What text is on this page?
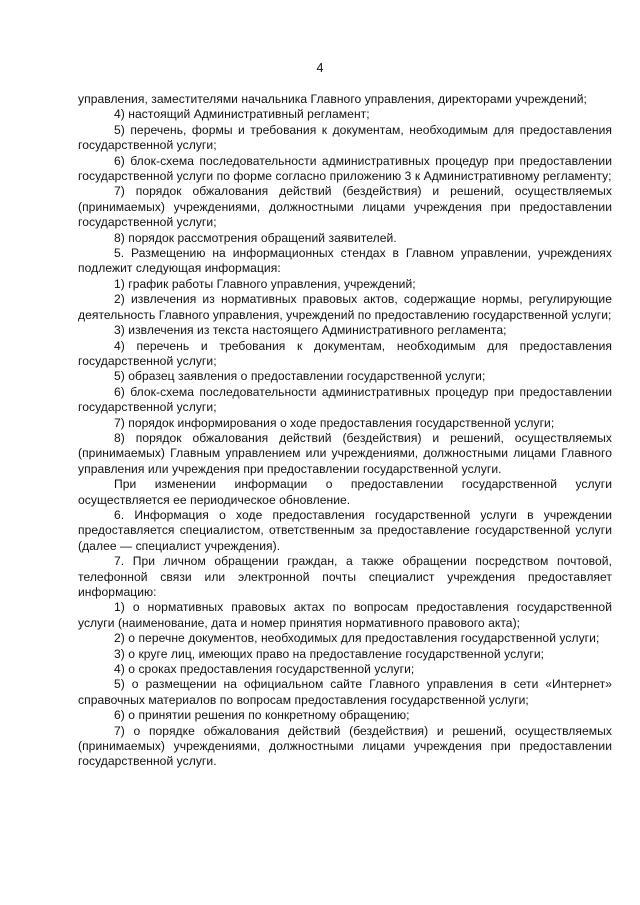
4

управления, заместителями начальника Главного управления, директорами учреждений;

4) настоящий Административный регламент;

5) перечень, формы и требования к документам, необходимым для предоставления государственной услуги;

6) блок-схема последовательности административных процедур при предоставлении государственной услуги по форме согласно приложению 3 к Административному регламенту;

7) порядок обжалования действий (бездействия) и решений, осуществляемых (принимаемых) учреждениями, должностными лицами учреждения при предоставлении государственной услуги;

8) порядок рассмотрения обращений заявителей.

5. Размещению на информационных стендах в Главном управлении, учреждениях подлежит следующая информация:

1) график работы Главного управления, учреждений;

2) извлечения из нормативных правовых актов, содержащие нормы, регулирующие деятельность Главного управления, учреждений по предоставлению государственной услуги;

3) извлечения из текста настоящего Административного регламента;

4) перечень и требования к документам, необходимым для предоставления государственной услуги;

5) образец заявления о предоставлении государственной услуги;

6) блок-схема последовательности административных процедур при предоставлении государственной услуги;

7) порядок информирования о ходе предоставления государственной услуги;

8) порядок обжалования действий (бездействия) и решений, осуществляемых (принимаемых) Главным управлением или учреждениями, должностными лицами Главного управления или учреждения при предоставлении государственной услуги.

При изменении информации о предоставлении государственной услуги осуществляется ее периодическое обновление.

6. Информация о ходе предоставления государственной услуги в учреждении предоставляется специалистом, ответственным за предоставление государственной услуги (далее — специалист учреждения).

7. При личном обращении граждан, а также обращении посредством почтовой, телефонной связи или электронной почты специалист учреждения предоставляет информацию:

1) о нормативных правовых актах по вопросам предоставления государственной услуги (наименование, дата и номер принятия нормативного правового акта);

2) о перечне документов, необходимых для предоставления государственной услуги;

3) о круге лиц, имеющих право на предоставление государственной услуги;

4) о сроках предоставления государственной услуги;

5) о размещении на официальном сайте Главного управления в сети «Интернет» справочных материалов по вопросам предоставления государственной услуги;

6) о принятии решения по конкретному обращению;

7) о порядке обжалования действий (бездействия) и решений, осуществляемых (принимаемых) учреждениями, должностными лицами учреждения при предоставлении государственной услуги.
